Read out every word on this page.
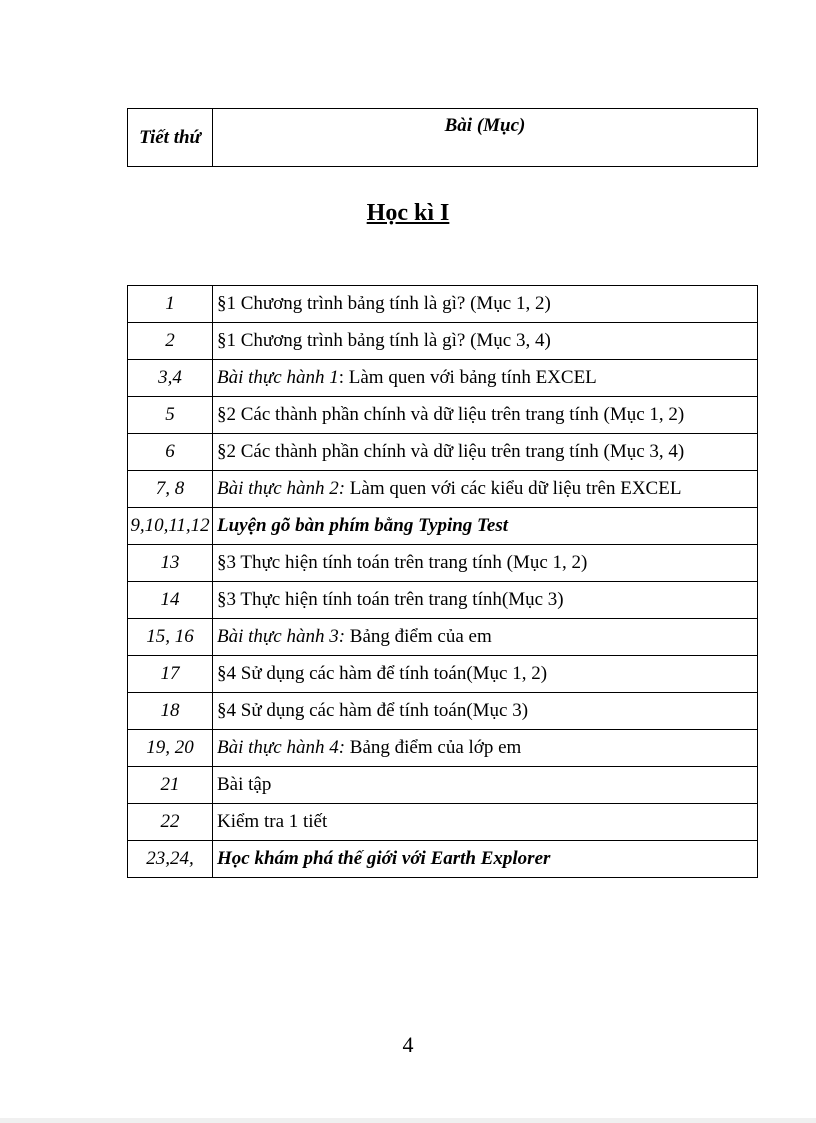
Tiết thứ	Bài (Mục)
Học kì I
1	§1 Chương trình bảng tính là gì? (Mục 1, 2)
2	§1 Chương trình bảng tính là gì? (Mục 3, 4)
3,4	Bài thực hành 1: Làm quen với bảng tính EXCEL
5	§2 Các thành phần chính và dữ liệu trên trang tính (Mục 1, 2)
6	§2 Các thành phần chính và dữ liệu trên trang tính (Mục 3, 4)
7, 8	Bài thực hành 2: Làm quen với các kiểu dữ liệu trên EXCEL
9,10,11,12	Luyện gõ bàn phím bằng Typing Test
13	§3 Thực hiện tính toán trên trang tính (Mục 1, 2)
14	§3 Thực hiện tính toán trên trang tính(Mục 3)
15, 16	Bài thực hành 3: Bảng điểm của em
17	§4 Sử dụng các hàm để tính toán(Mục 1, 2)
18	§4 Sử dụng các hàm để tính toán(Mục 3)
19, 20	Bài thực hành 4: Bảng điểm của lớp em
21	Bài tập
22	Kiểm tra 1 tiết
23,24,	Học khám phá thế giới với Earth Explorer
4
